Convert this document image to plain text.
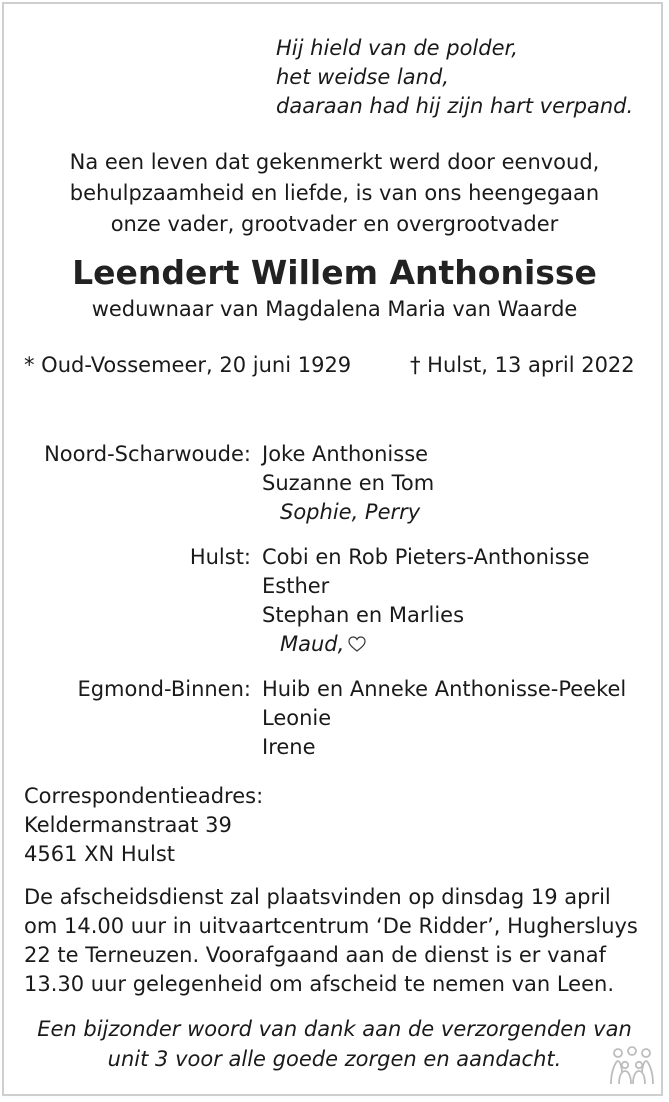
Hij hield van de polder,
het weidse land,
daaraan had hij zijn hart verpand.
Na een leven dat gekenmerkt werd door eenvoud,
behulpzaamheid en liefde, is van ons heengegaan
onze vader, grootvader en overgrootvader
Leendert Willem Anthonisse
weduwnaar van Magdalena Maria van Waarde
* Oud-Vossemeer, 20 juni 1929	† Hulst, 13 april 2022
Noord-Scharwoude: Joke Anthonisse
Suzanne en Tom
Sophie, Perry
Hulst: Cobi en Rob Pieters-Anthonisse
Esther
Stephan en Marlies
Maud,
Egmond-Binnen: Huib en Anneke Anthonisse-Peekel
Leonie
Irene
Correspondentieadres:
Keldermanstraat 39
4561 XN Hulst
De afscheidsdienst zal plaatsvinden op dinsdag 19 april
om 14.00 uur in uitvaartcentrum ‘De Ridder’, Hughersluys
22 te Terneuzen. Voorafgaand aan de dienst is er vanaf
13.30 uur gelegenheid om afscheid te nemen van Leen.
Een bijzonder woord van dank aan de verzorgenden van
unit 3 voor alle goede zorgen en aandacht.
